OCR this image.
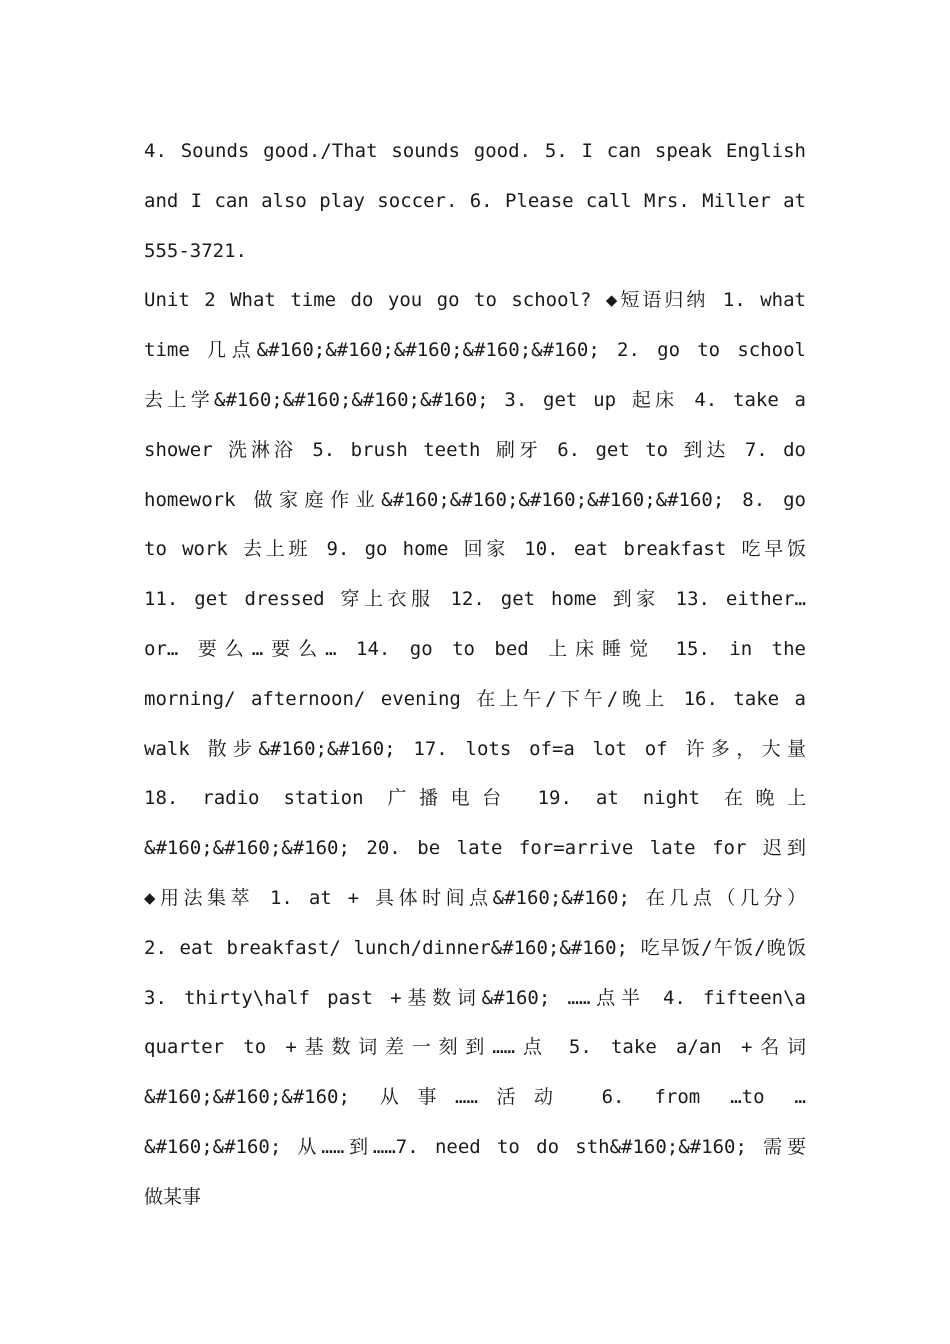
4. Sounds good./That sounds good. 5. I can speak English
and I can also play soccer. 6. Please call Mrs. Miller at
555-3721.
Unit 2 What time do you go to school? ◆短语归纳 1. what
time 几点&#160;&#160;&#160;&#160;&#160; 2. go to school
去上学&#160;&#160;&#160;&#160; 3. get up 起床 4. take a
shower 洗淋浴 5. brush teeth 刷牙 6. get to 到达 7. do
homework 做家庭作业&#160;&#160;&#160;&#160;&#160; 8. go
to work 去上班 9. go home 回家 10. eat breakfast 吃早饭
11. get dressed 穿上衣服 12. get home 到家 13. either…
or… 要么…要么… 14. go to bed 上床睡觉 15. in the
morning/ afternoon/ evening 在上午/下午/晚上 16. take a
walk 散步&#160;&#160; 17. lots of=a lot of 许多，大量
18. radio station 广播电台 19. at night 在晚上
&#160;&#160;&#160; 20. be late for=arrive late for 迟到
◆用法集萃 1. at + 具体时间点&#160;&#160; 在几点（几分）
2. eat breakfast/ lunch/dinner&#160;&#160; 吃早饭/午饭/晚饭
3. thirty\half past +基数词&#160; ……点半 4. fifteen\a
quarter to +基数词差一刻到……点 5. take a/an +名词
&#160;&#160;&#160; 从事……活动 6. from …to …
&#160;&#160; 从……到……7. need to do sth&#160;&#160; 需要
做某事
